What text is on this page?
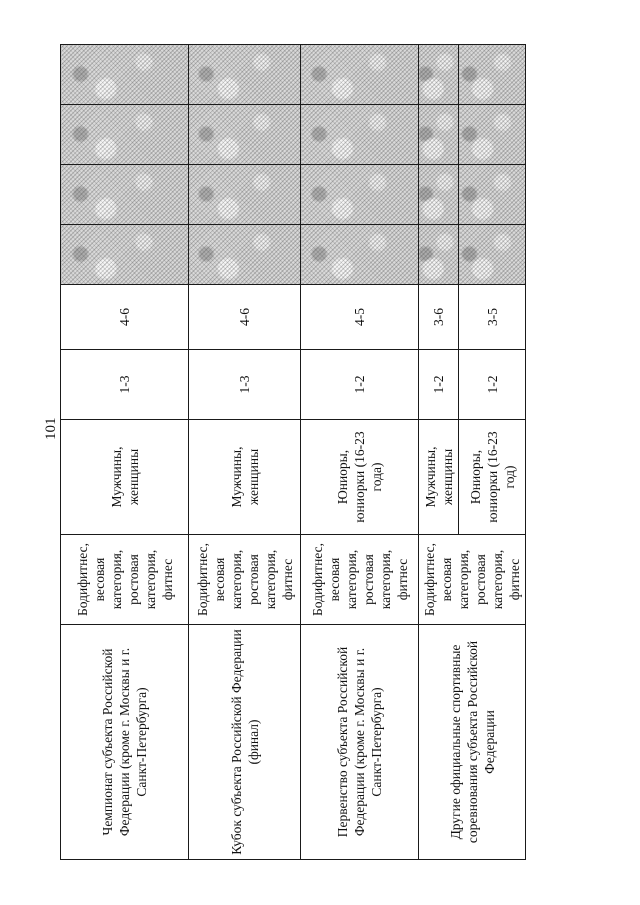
101
Чемпионат субъекта Российской Федерации (кроме г. Москвы и г. Санкт-Петербурга)	Бодифитнес, весовая категория, ростовая категория, фитнес	Мужчины, женщины	1-3	4-6				
Кубок субъекта Российской Федерации (финал)	Бодифитнес, весовая категория, ростовая категория, фитнес	Мужчины, женщины	1-3	4-6				
Первенство субъекта Российской Федерации (кроме г. Москвы и г. Санкт-Петербурга)	Бодифитнес, весовая категория, ростовая категория, фитнес	Юниоры, юниорки (16-23 года)	1-2	4-5				
Другие официальные спортивные соревнования субъекта Российской Федерации	Бодифитнес, весовая категория, ростовая категория, фитнес	Мужчины, женщины	1-2	3-6				
		Юниоры, юниорки (16-23 год)	1-2	3-5				
